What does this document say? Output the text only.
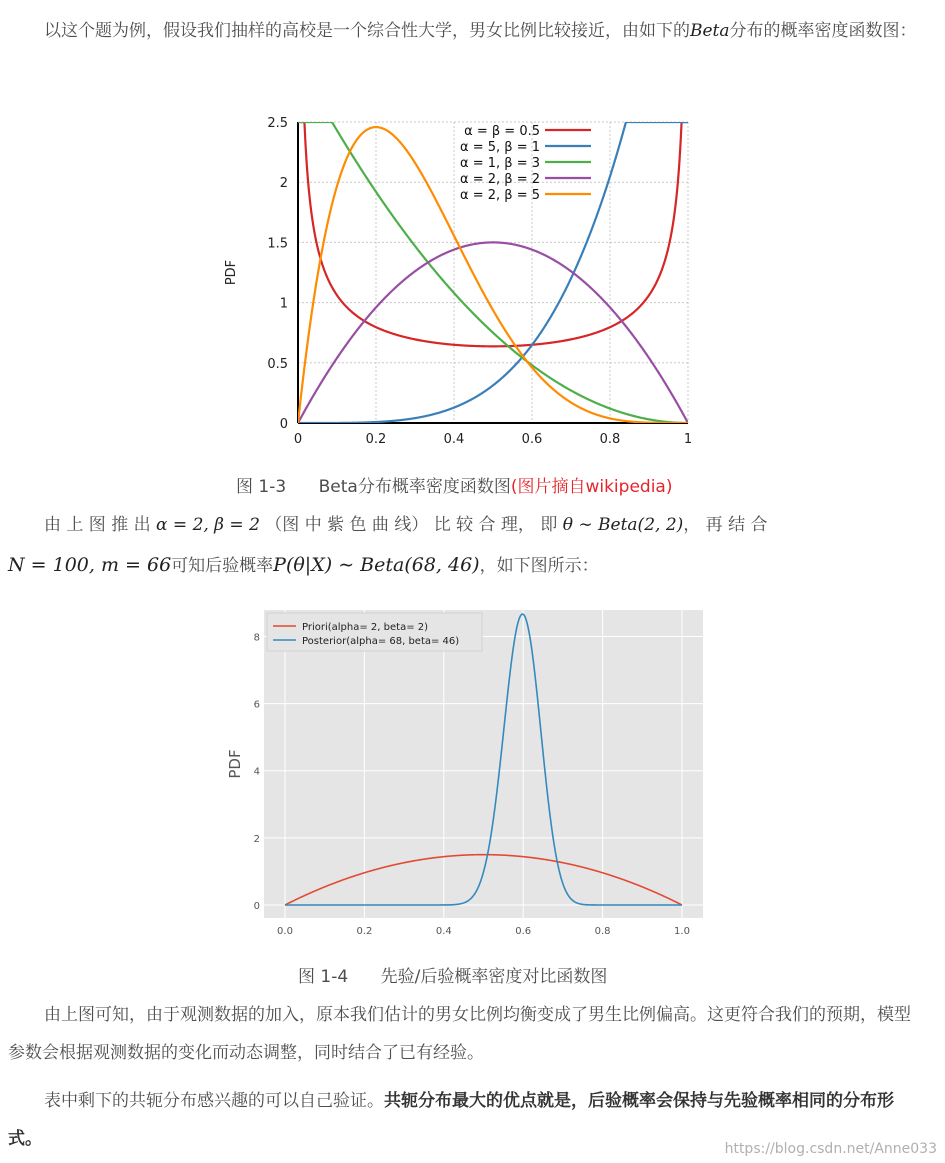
以这个题为例，假设我们抽样的高校是一个综合性大学，男女比例比较接近，由如下的Beta分布的概率密度函数图：
0	0.2	0.4	0.6	0.8	1
0
0.5
1
1.5
2
2.5
PDF
α = β = 0.5
α = 5, β = 1
α = 1, β = 3
α = 2, β = 2
α = 2, β = 5
图 1-3 Beta分布概率密度函数图(图片摘自wikipedia)
由 上 图 推 出 α = 2, β = 2 （图 中 紫 色 曲 线） 比 较 合 理， 即 θ ∼ Beta(2, 2)， 再 结 合
N = 100, m = 66可知后验概率P(θ|X) ∼ Beta(68, 46)，如下图所示：
0.0	0.2	0.4	0.6	0.8	1.0
0
2
4
6
8
PDF
Priori(alpha= 2, beta= 2)
Posterior(alpha= 68, beta= 46)
图 1-4 先验/后验概率密度对比函数图
由上图可知，由于观测数据的加入，原本我们估计的男女比例均衡变成了男生比例偏高。这更符合我们的预期，模型参数会根据观测数据的变化而动态调整，同时结合了已有经验。
表中剩下的共轭分布感兴趣的可以自己验证。共轭分布最大的优点就是，后验概率会保持与先验概率相同的分布形式。	https://blog.csdn.net/Anne033
